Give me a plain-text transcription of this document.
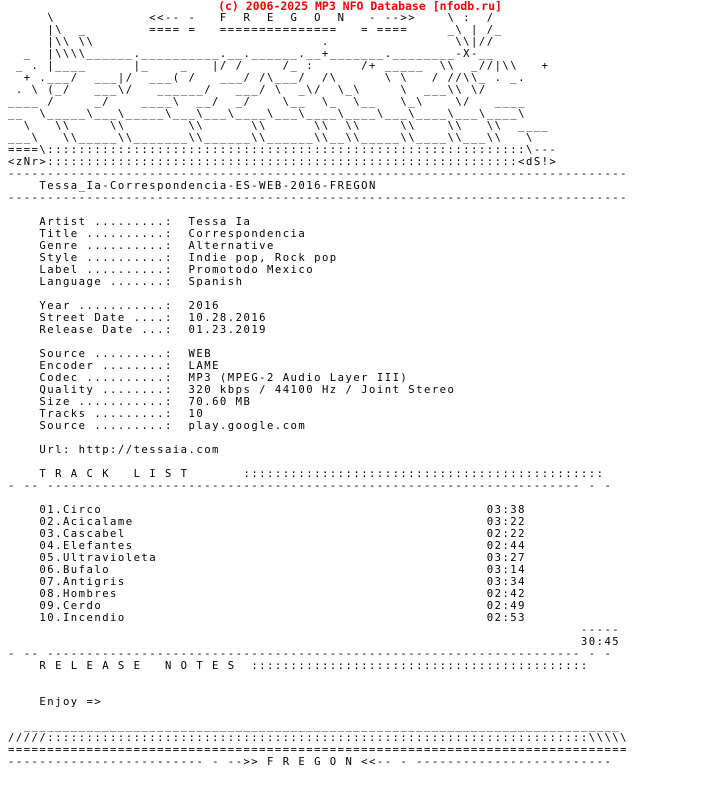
(c) 2006-2025 MP3 NFO Database [nfodb.ru]
\            <<-- -   F  R  E  G  O  N   - -->>    \ :  /
|\  _        ==== =   ===============   = ====     _\ | /_
|\\ \\                             .                \\|//
_  |\\\\______.__________.__.______.__+_______.________-X-__
_ . |____      |_    _   |/ /     /_ :      /+ _____  \\  _//|\\   +
+ .___/  ___|/  ___( /   ___/ /\___/  /\      \ \   / //\\_ . _.
. \ (_/   ___\/   ______/   ___/ \  _\/  \_\     \  ___\\ \/
____ /     _/    ____\  __/  _/    \__  \_  \__   \_\    \/   ____
__  \_____\___\_____\___\___\____\___\____\____\___\____\___\____\
\   \\     \\        \\      \\      \\  \\     \\    \\   \\  ____
___\   \\_____\\_______\\______\\______\\__\\_____\\____\\___\\   \
====\:::::::::::::::::::::::::::::::::::::::::::::::::::::::::::::\---
<zNr>::::::::::::::::::::::::::::::::::::::::::::::::::::::::::::<dS!>
-------------------------------------------------------------------------------
Tessa_Ia-Correspondencia-ES-WEB-2016-FREGON
-------------------------------------------------------------------------------

Artist .........: Tessa Ia
Title ..........: Correspondencia
Genre ..........: Alternative
Style ..........: Indie pop, Rock pop
Label ..........: Promotodo Mexico
Language .......: Spanish

Year ...........: 2016
Street Date ....: 10.28.2016
Release Date ...: 01.23.2019

Source .........: WEB
Encoder ........: LAME
Codec ..........: MP3 (MPEG-2 Audio Layer III)
Quality ........: 320 kbps / 44100 Hz / Joint Stereo
Size ...........: 70.60 MB
Tracks .........: 10
Source .........: play.google.com

Url: http://tessaia.com

T R A C K   L I S T	::::::::::::::::::::::::::::::::::::::::::::::
- -- -------------------------------------------------------------------- - -

01.Circo	03:38
02.Acicalame	03:22
03.Cascabel	02:22
04.Elefantes	02:44
05.Ultravioleta	03:27
06.Bufalo	03:14
07.Antigris	03:34
08.Hombres	02:42
09.Cerdo	02:49
10.Incendio	02:53
-----
30:45
- -- -------------------------------------------------------------------- - -
R E L E A S E   N O T E S :::::::::::::::::::::::::::::::::::::::::::

Enjoy =>

____________________________________________________________________________
/////:::::::::::::::::::::::::::::::::::::::::::::::::::::::::::::::::::::\\\\\
===============================================================================
------------------------- - -->> F R E G O N <<-- - -------------------------
